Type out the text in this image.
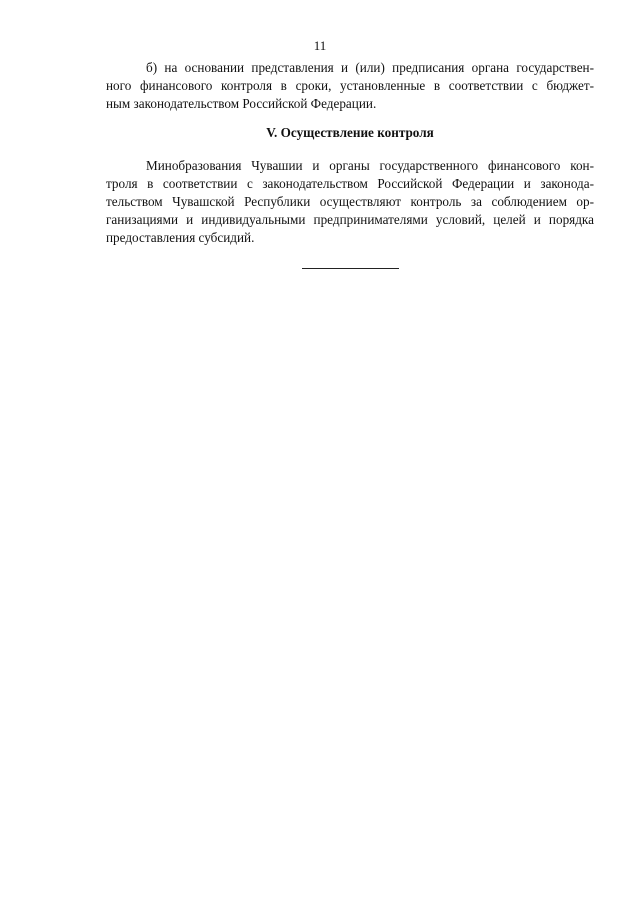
11
б) на основании представления и (или) предписания органа государствен-
ного финансового контроля в сроки, установленные в соответствии с бюджет-
ным законодательством Российской Федерации.
V. Осуществление контроля
Минобразования Чувашии и органы государственного финансового кон-
троля в соответствии с законодательством Российской Федерации и законода-
тельством Чувашской Республики осуществляют контроль за соблюдением ор-
ганизациями и индивидуальными предпринимателями условий, целей и порядка
предоставления субсидий.
